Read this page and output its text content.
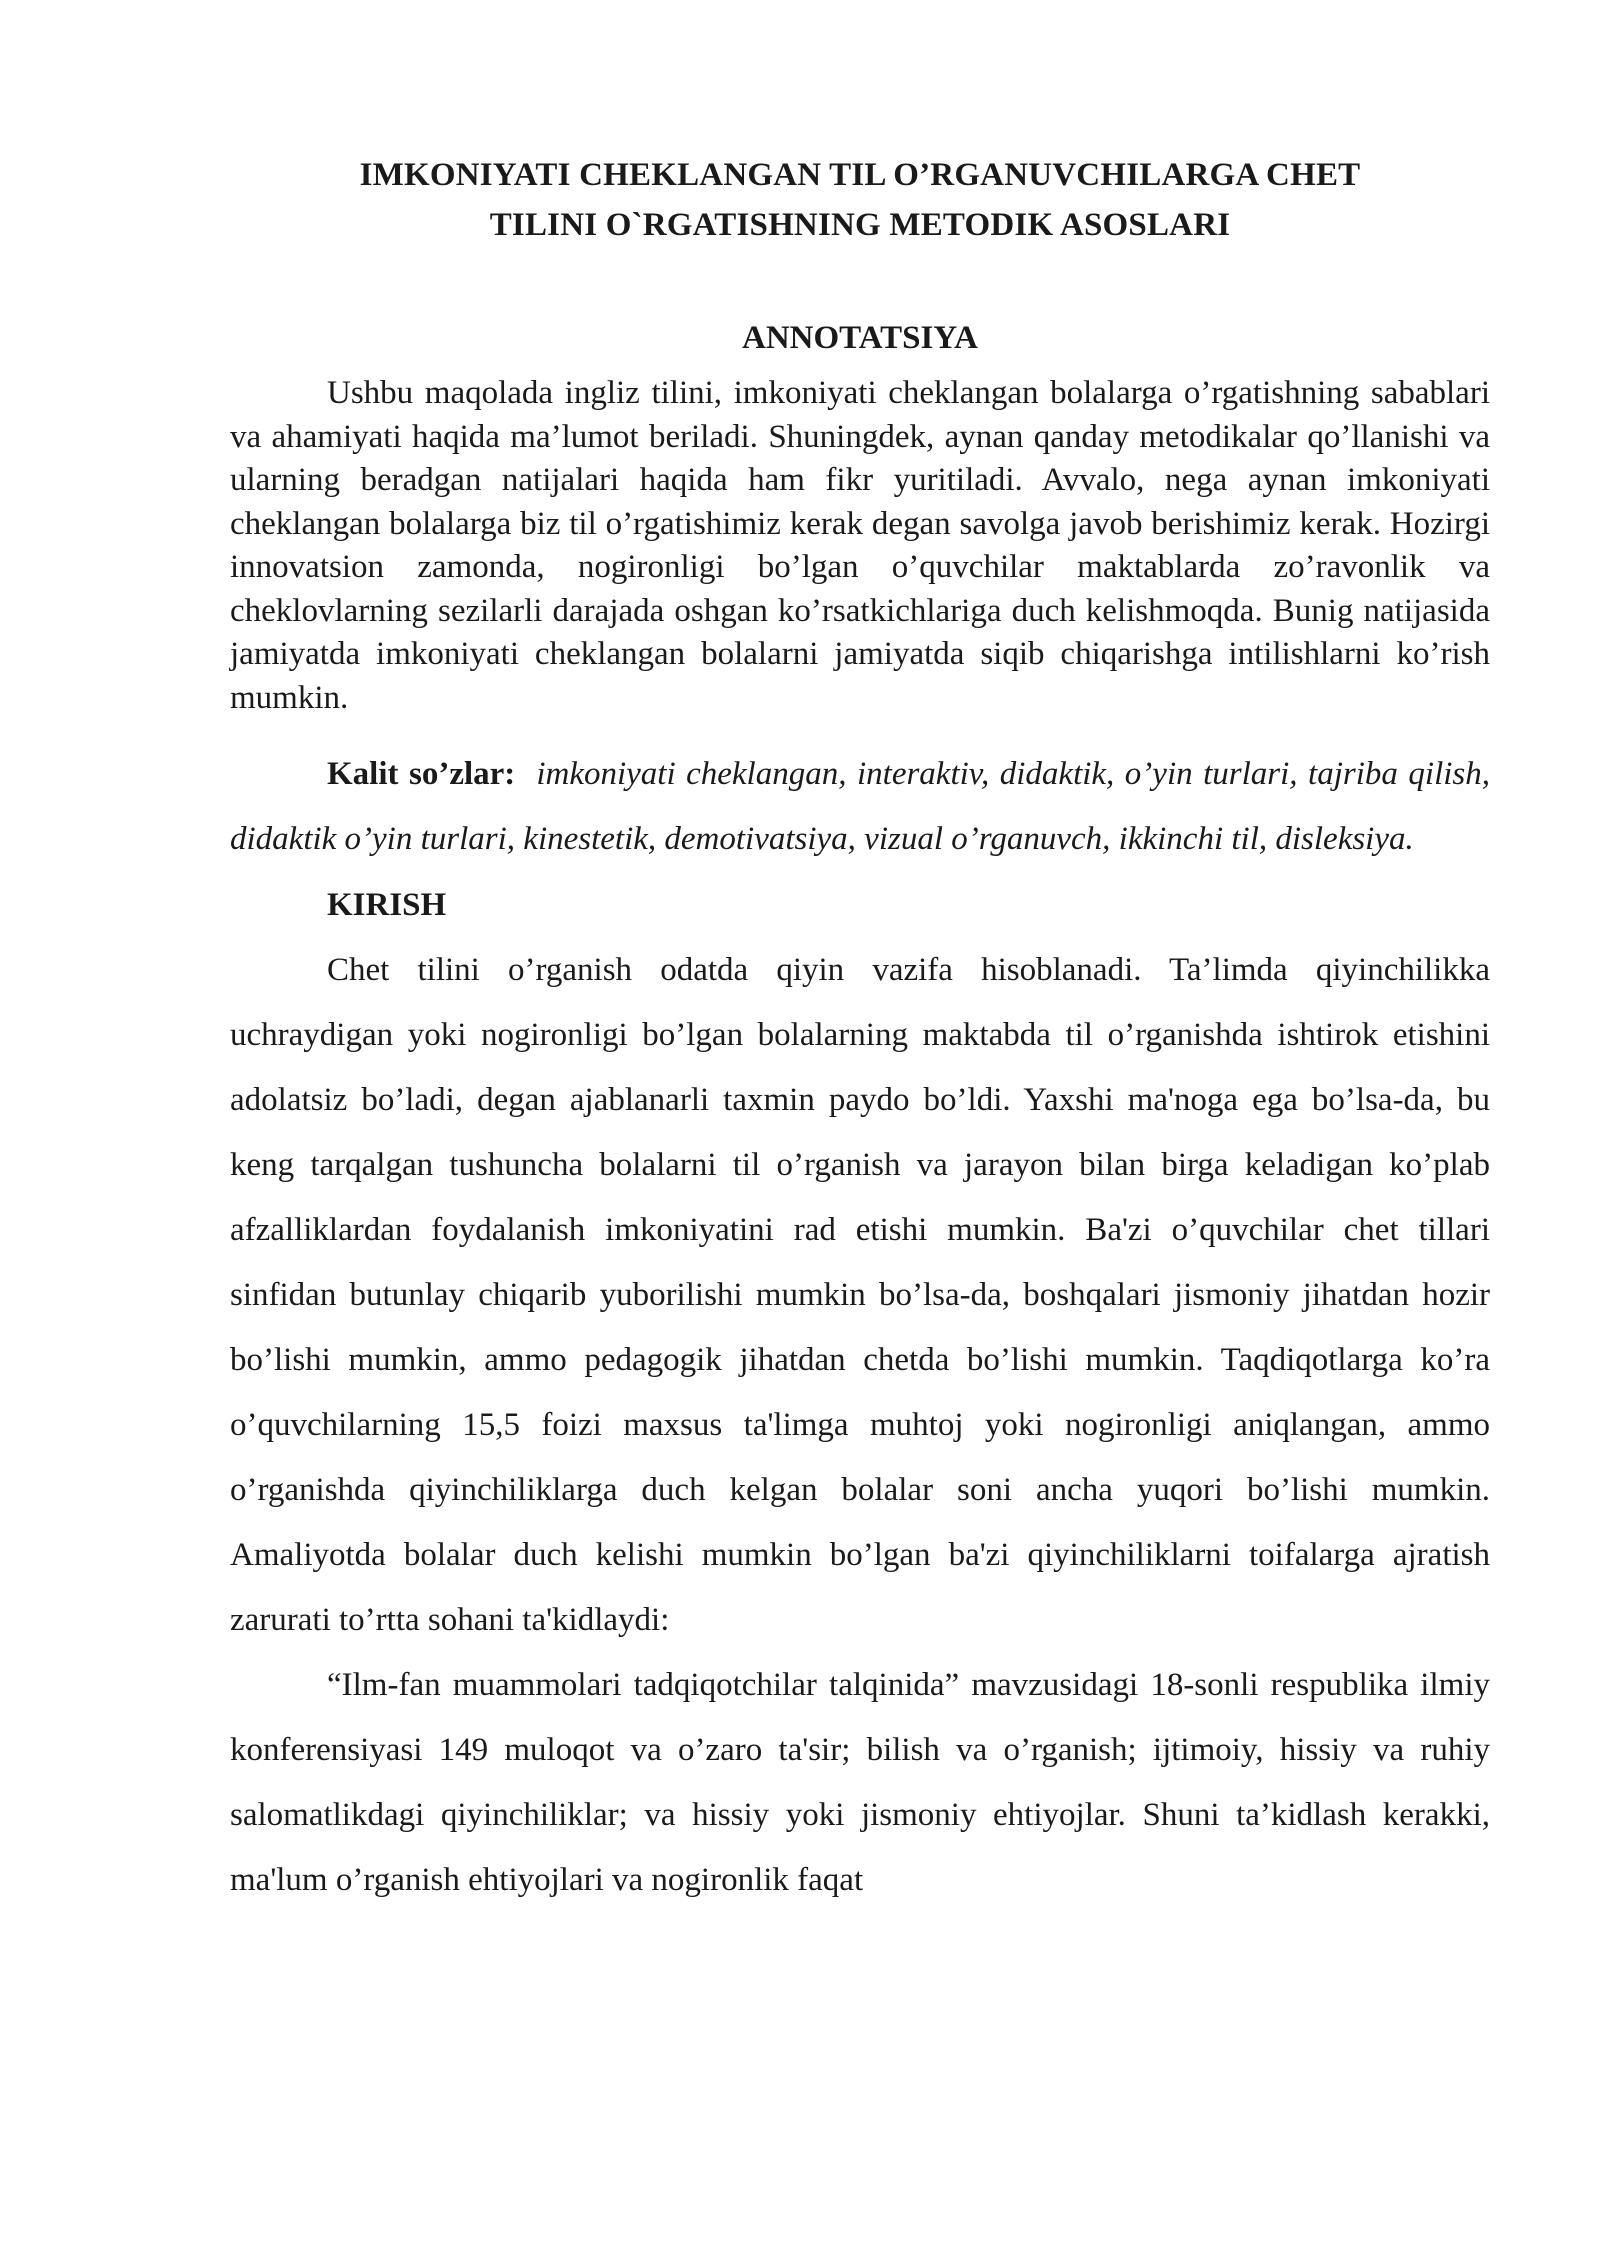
IMKONIYATI CHEKLANGAN TIL O’RGANUVCHILARGA CHET
TILINI O`RGATISHNING METODIK ASOSLARI
ANNOTATSIYA

Ushbu maqolada ingliz tilini, imkoniyati cheklangan bolalarga o’rgatishning sabablari va ahamiyati haqida ma’lumot beriladi. Shuningdek, aynan qanday metodikalar qo’llanishi va ularning beradgan natijalari haqida ham fikr yuritiladi. Avvalo, nega aynan imkoniyati cheklangan bolalarga biz til o’rgatishimiz kerak degan savolga javob berishimiz kerak. Hozirgi innovatsion zamonda, nogironligi bo’lgan o’quvchilar maktablarda zo’ravonlik va cheklovlarning sezilarli darajada oshgan ko’rsatkichlariga duch kelishmoqda. Bunig natijasida jamiyatda imkoniyati cheklangan bolalarni jamiyatda siqib chiqarishga intilishlarni ko’rish mumkin.

Kalit so’zlar: imkoniyati cheklangan, interaktiv, didaktik, o’yin turlari, tajriba qilish, didaktik o’yin turlari, kinestetik, demotivatsiya, vizual o’rganuvch, ikkinchi til, disleksiya.

KIRISH

Chet tilini o’rganish odatda qiyin vazifa hisoblanadi. Ta’limda qiyinchilikka uchraydigan yoki nogironligi bo’lgan bolalarning maktabda til o’rganishda ishtirok etishini adolatsiz bo’ladi, degan ajablanarli taxmin paydo bo’ldi. Yaxshi ma'noga ega bo’lsa-da, bu keng tarqalgan tushuncha bolalarni til o’rganish va jarayon bilan birga keladigan ko’plab afzalliklardan foydalanish imkoniyatini rad etishi mumkin. Ba'zi o’quvchilar chet tillari sinfidan butunlay chiqarib yuborilishi mumkin bo’lsa-da, boshqalari jismoniy jihatdan hozir bo’lishi mumkin, ammo pedagogik jihatdan chetda bo’lishi mumkin. Taqdiqotlarga ko’ra o’quvchilarning 15,5 foizi maxsus ta'limga muhtoj yoki nogironligi aniqlangan, ammo o’rganishda qiyinchiliklarga duch kelgan bolalar soni ancha yuqori bo’lishi mumkin. Amaliyotda bolalar duch kelishi mumkin bo’lgan ba'zi qiyinchiliklarni toifalarga ajratish zarurati to’rtta sohani ta'kidlaydi:

“Ilm-fan muammolari tadqiqotchilar talqinida” mavzusidagi 18-sonli respublika ilmiy konferensiyasi 149 muloqot va o’zaro ta'sir; bilish va o’rganish; ijtimoiy, hissiy va ruhiy salomatlikdagi qiyinchiliklar; va hissiy yoki jismoniy ehtiyojlar. Shuni ta’kidlash kerakki, ma'lum o’rganish ehtiyojlari va nogironlik faqat
